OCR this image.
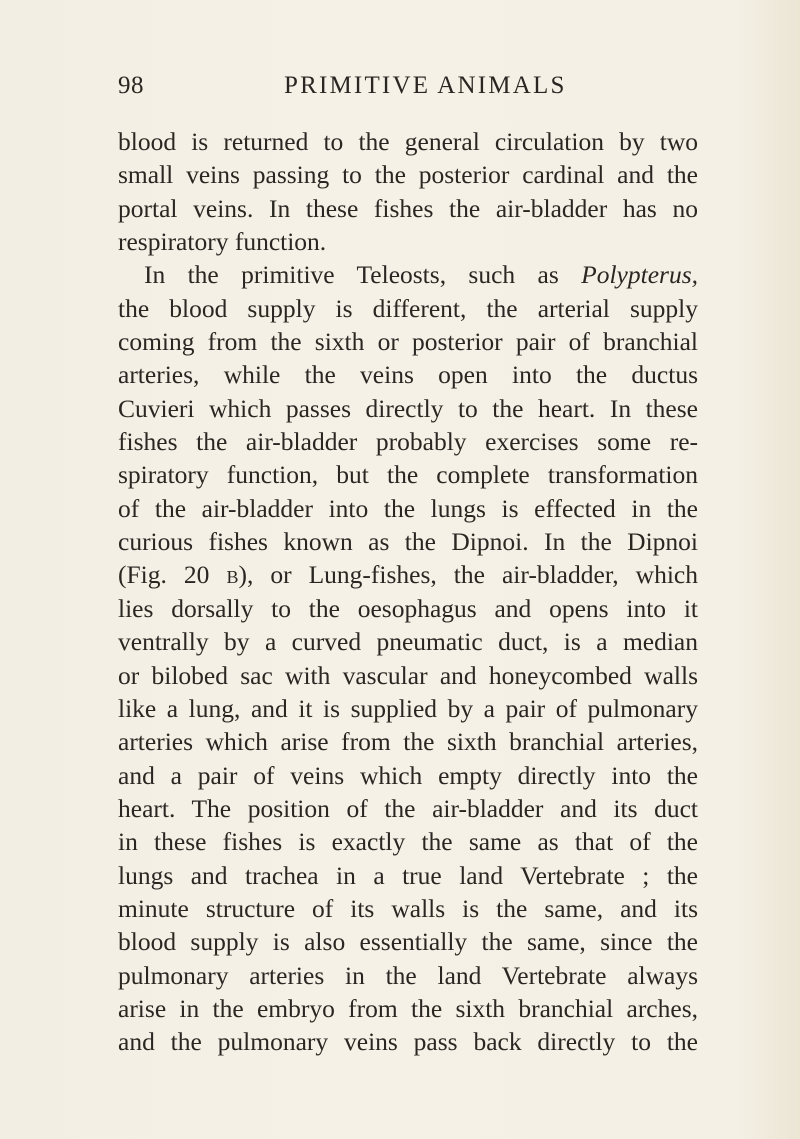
98	PRIMITIVE ANIMALS
blood is returned to the general circulation by two
small veins passing to the posterior cardinal and the
portal veins. In these fishes the air-bladder has no
respiratory function.
In the primitive Teleosts, such as Polypterus,
the blood supply is different, the arterial supply
coming from the sixth or posterior pair of branchial
arteries, while the veins open into the ductus
Cuvieri which passes directly to the heart. In these
fishes the air-bladder probably exercises some re-
spiratory function, but the complete transformation
of the air-bladder into the lungs is effected in the
curious fishes known as the Dipnoi. In the Dipnoi
(Fig. 20 b), or Lung-fishes, the air-bladder, which
lies dorsally to the oesophagus and opens into it
ventrally by a curved pneumatic duct, is a median
or bilobed sac with vascular and honeycombed walls
like a lung, and it is supplied by a pair of pulmonary
arteries which arise from the sixth branchial arteries,
and a pair of veins which empty directly into the
heart. The position of the air-bladder and its duct
in these fishes is exactly the same as that of the
lungs and trachea in a true land Vertebrate ; the
minute structure of its walls is the same, and its
blood supply is also essentially the same, since the
pulmonary arteries in the land Vertebrate always
arise in the embryo from the sixth branchial arches,
and the pulmonary veins pass back directly to the
